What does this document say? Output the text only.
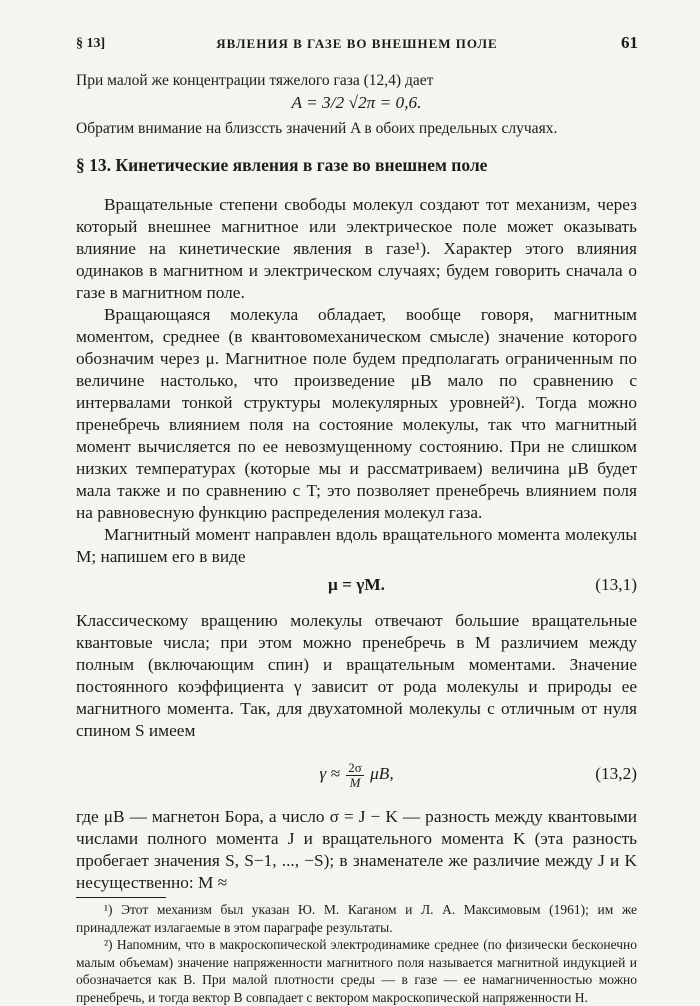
§ 13]	ЯВЛЕНИЯ В ГАЗЕ ВО ВНЕШНЕМ ПОЛЕ	61

При малой же концентрации тяжелого газа (12,4) дает

A = 3/2 √2π = 0,6.

Обратим внимание на близссть значений A в обоих предельных случаях.

§ 13. Кинетические явления в газе во внешнем поле

Вращательные степени свободы молекул создают тот механизм, через который внешнее магнитное или электрическое поле может оказывать влияние на кинетические явления в газе¹). Характер этого влияния одинаков в магнитном и электрическом случаях; будем говорить сначала о газе в магнитном поле.

Вращающаяся молекула обладает, вообще говоря, магнитным моментом, среднее (в квантовомеханическом смысле) значение которого обозначим через μ. Магнитное поле будем предполагать ограниченным по величине настолько, что произведение μB мало по сравнению с интервалами тонкой структуры молекулярных уровней²). Тогда можно пренебречь влиянием поля на состояние молекулы, так что магнитный момент вычисляется по ее невозмущенному состоянию. При не слишком низких температурах (которые мы и рассматриваем) величина μB будет мала также и по сравнению с T; это позволяет пренебречь влиянием поля на равновесную функцию распределения молекул газа.

Магнитный момент направлен вдоль вращательного момента молекулы M; напишем его в виде

μ = γM.	(13,1)

Классическому вращению молекулы отвечают большие вращательные квантовые числа; при этом можно пренебречь в M различием между полным (включающим спин) и вращательным моментами. Значение постоянного коэффициента γ зависит от рода молекулы и природы ее магнитного момента. Так, для двухатомной молекулы с отличным от нуля спином S имеем

$\gamma \approx \frac{2\sigma}{M} \mu B$,	(13,2)

где μB — магнетон Бора, а число σ = J − K — разность между квантовыми числами полного момента J и вращательного момента K (эта разность пробегает значения S, S−1, ..., −S); в знаменателе же различие между J и K несущественно: M ≈

¹) Этот механизм был указан Ю. М. Каганом и Л. А. Максимовым (1961); им же принадлежат излагаемые в этом параграфе результаты.

²) Напомним, что в макроскопической электродинамике среднее (по физически бесконечно малым объемам) значение напряженности магнитного поля называется магнитной индукцией и обозначается как B. При малой плотности среды — в газе — ее намагниченностью можно пренебречь, и тогда вектор B совпадает с вектором макроскопической напряженности H.
